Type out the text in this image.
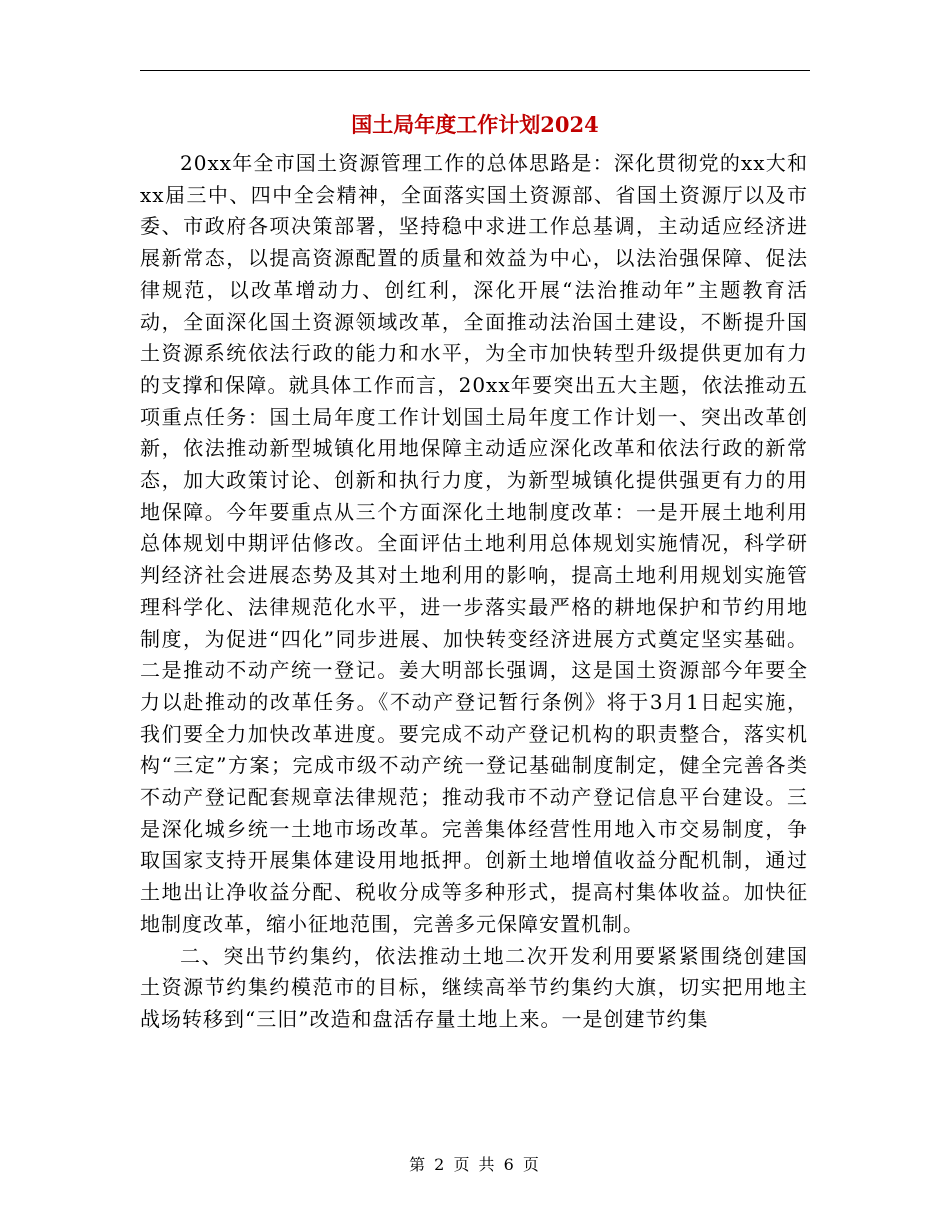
国土局年度工作计划2024

20xx年全市国土资源管理工作的总体思路是：深化贯彻党的xx大和xx届三中、四中全会精神，全面落实国土资源部、省国土资源厅以及市委、市政府各项决策部署，坚持稳中求进工作总基调，主动适应经济进展新常态，以提高资源配置的质量和效益为中心，以法治强保障、促法律规范，以改革增动力、创红利，深化开展“法治推动年”主题教育活动，全面深化国土资源领域改革，全面推动法治国土建设，不断提升国土资源系统依法行政的能力和水平，为全市加快转型升级提供更加有力的支撑和保障。就具体工作而言，20xx年要突出五大主题，依法推动五项重点任务：国土局年度工作计划国土局年度工作计划一、突出改革创新，依法推动新型城镇化用地保障主动适应深化改革和依法行政的新常态，加大政策讨论、创新和执行力度，为新型城镇化提供强更有力的用地保障。今年要重点从三个方面深化土地制度改革：一是开展土地利用总体规划中期评估修改。全面评估土地利用总体规划实施情况，科学研判经济社会进展态势及其对土地利用的影响，提高土地利用规划实施管理科学化、法律规范化水平，进一步落实最严格的耕地保护和节约用地制度，为促进“四化”同步进展、加快转变经济进展方式奠定坚实基础。二是推动不动产统一登记。姜大明部长强调，这是国土资源部今年要全力以赴推动的改革任务。《不动产登记暂行条例》将于3月1日起实施，我们要全力加快改革进度。要完成不动产登记机构的职责整合，落实机构“三定”方案；完成市级不动产统一登记基础制度制定，健全完善各类不动产登记配套规章法律规范；推动我市不动产登记信息平台建设。三是深化城乡统一土地市场改革。完善集体经营性用地入市交易制度，争取国家支持开展集体建设用地抵押。创新土地增值收益分配机制，通过土地出让净收益分配、税收分成等多种形式，提高村集体收益。加快征地制度改革，缩小征地范围，完善多元保障安置机制。

二、突出节约集约，依法推动土地二次开发利用要紧紧围绕创建国土资源节约集约模范市的目标，继续高举节约集约大旗，切实把用地主战场转移到“三旧”改造和盘活存量土地上来。一是创建节约集

第 2 页 共 6 页
